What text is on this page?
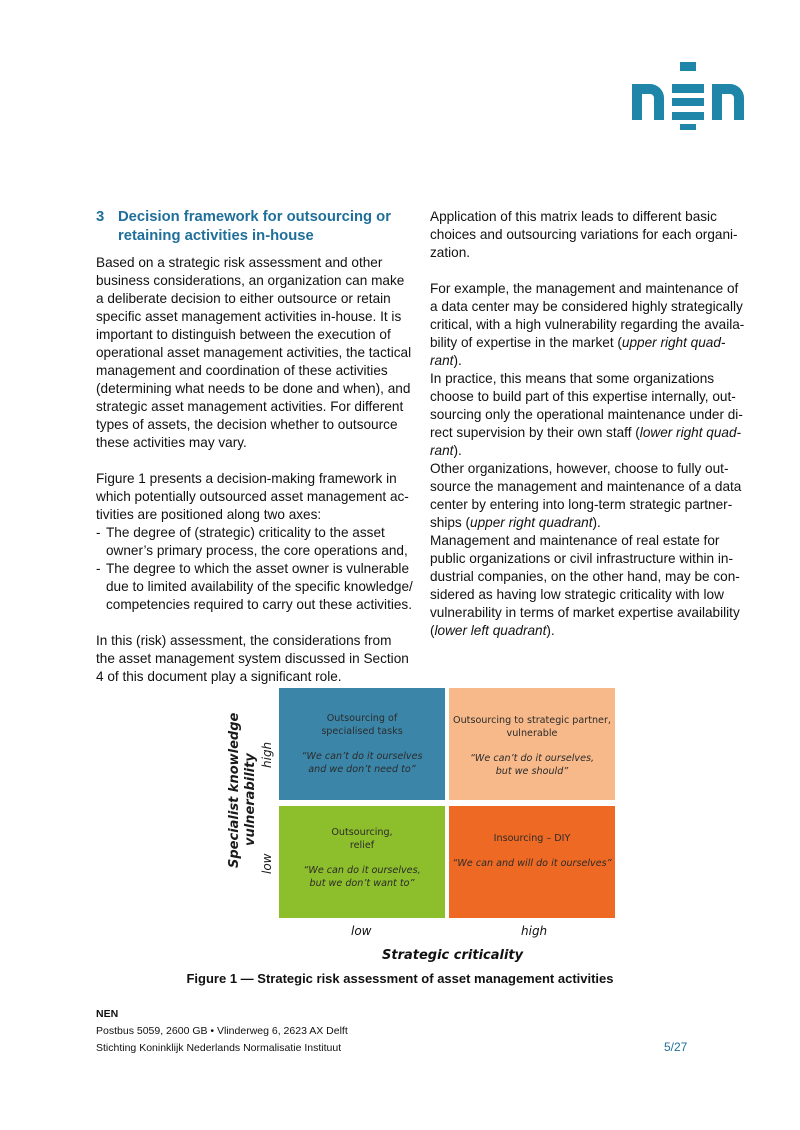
3 Decision framework for outsourcing or
retaining activities in-house

Based on a strategic risk assessment and other business considerations, an organization can make a deliberate decision to either outsource or retain specific asset management activities in-house. It is important to distinguish between the execution of operational asset management activities, the tactical management and coordination of these activities (determining what needs to be done and when), and strategic asset management activities. For different types of assets, the decision whether to outsource these activities may vary.

Figure 1 presents a decision-making framework in which potentially outsourced asset management ac-tivities are positioned along two axes:

- The degree of (strategic) criticality to the asset owner’s primary process, the core operations and,
- The degree to which the asset owner is vulnerable due to limited availability of the specific knowledge/ competencies required to carry out these activities.

In this (risk) assessment, the considerations from the asset management system discussed in Section 4 of this document play a significant role.

Application of this matrix leads to different basic choices and outsourcing variations for each organi-zation.

For example, the management and maintenance of a data center may be considered highly strategically critical, with a high vulnerability regarding the availa-bility of expertise in the market (upper right quad-rant).

In practice, this means that some organizations choose to build part of this expertise internally, out-sourcing only the operational maintenance under di-rect supervision by their own staff (lower right quad-rant).

Other organizations, however, choose to fully out-source the management and maintenance of a data center by entering into long-term strategic partner-ships (upper right quadrant).

Management and maintenance of real estate for public organizations or civil infrastructure within in-dustrial companies, on the other hand, may be con-sidered as having low strategic criticality with low vulnerability in terms of market expertise availability (lower left quadrant).

Specialist knowledge vulnerability high
low
Outsourcing of
specialised tasks
“We can’t do it ourselves
and we don’t need to”
Outsourcing to strategic partner,
vulnerable
“We can’t do it ourselves,
but we should”
Outsourcing,
relief
“We can do it ourselves,
but we don’t want to”
Insourcing – DIY
“We can and will do it ourselves”
low	high
Strategic criticality
Figure 1 — Strategic risk assessment of asset management activities
NEN
Postbus 5059, 2600 GB • Vlinderweg 6, 2623 AX Delft
Stichting Koninklijk Nederlands Normalisatie Instituut	5/27
